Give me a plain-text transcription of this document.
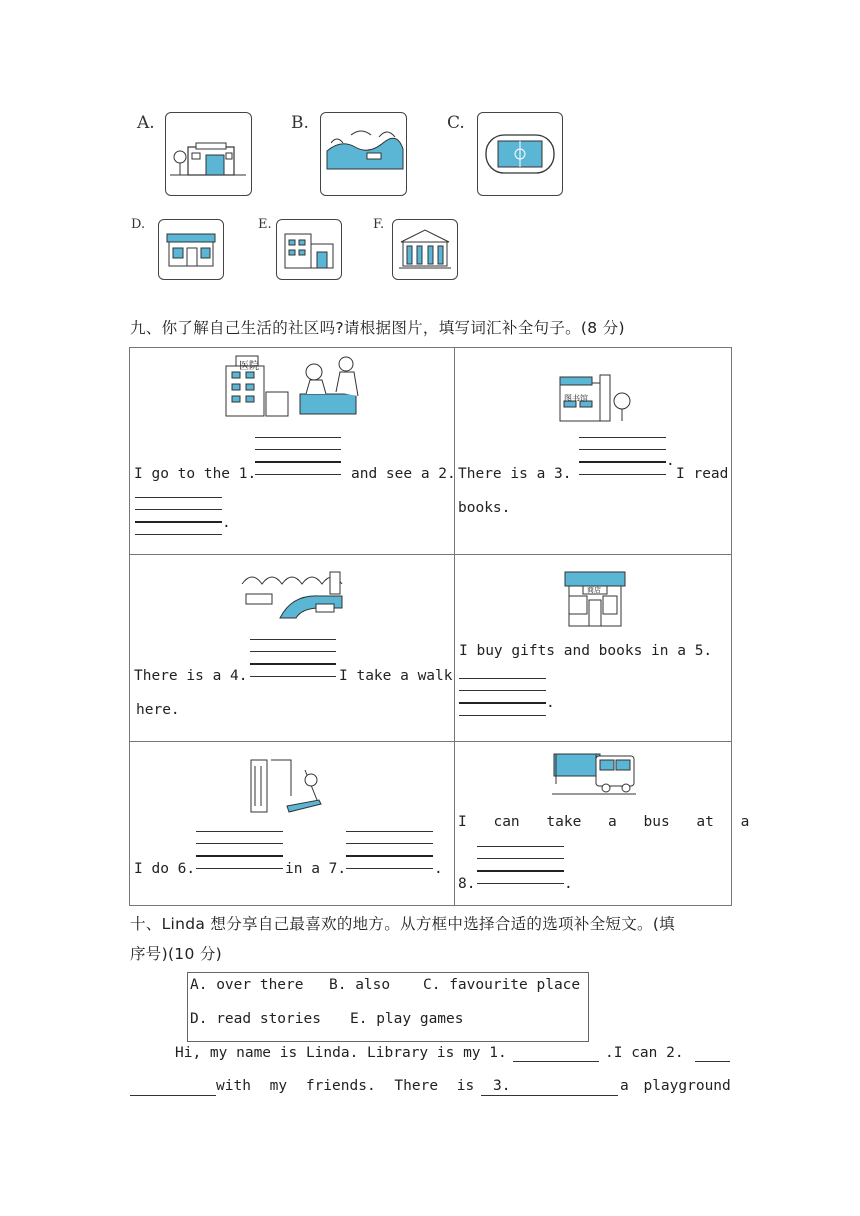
A.	B.	C.
D.	E.	F.
九、你了解自己生活的社区吗?请根据图片，填写词汇补全句子。(8 分)
医院
I go to the 1.	and see a 2.
.
图书馆
.
There is a 3.	I read
books.
There is a 4.	I take a walk
here.
商店
I buy gifts and books in a 5.
.
I do 6.	in a 7.	.
I can take a bus at a
8.	.
十、Linda 想分享自己最喜欢的地方。从方框中选择合适的选项补全短文。(填
序号)(10 分)
A. over there B. also C. favourite place
D. read stories E. play games
Hi, my name is Linda. Library is my 1.	.I can 2.
with my friends. There is 3.	a playground
